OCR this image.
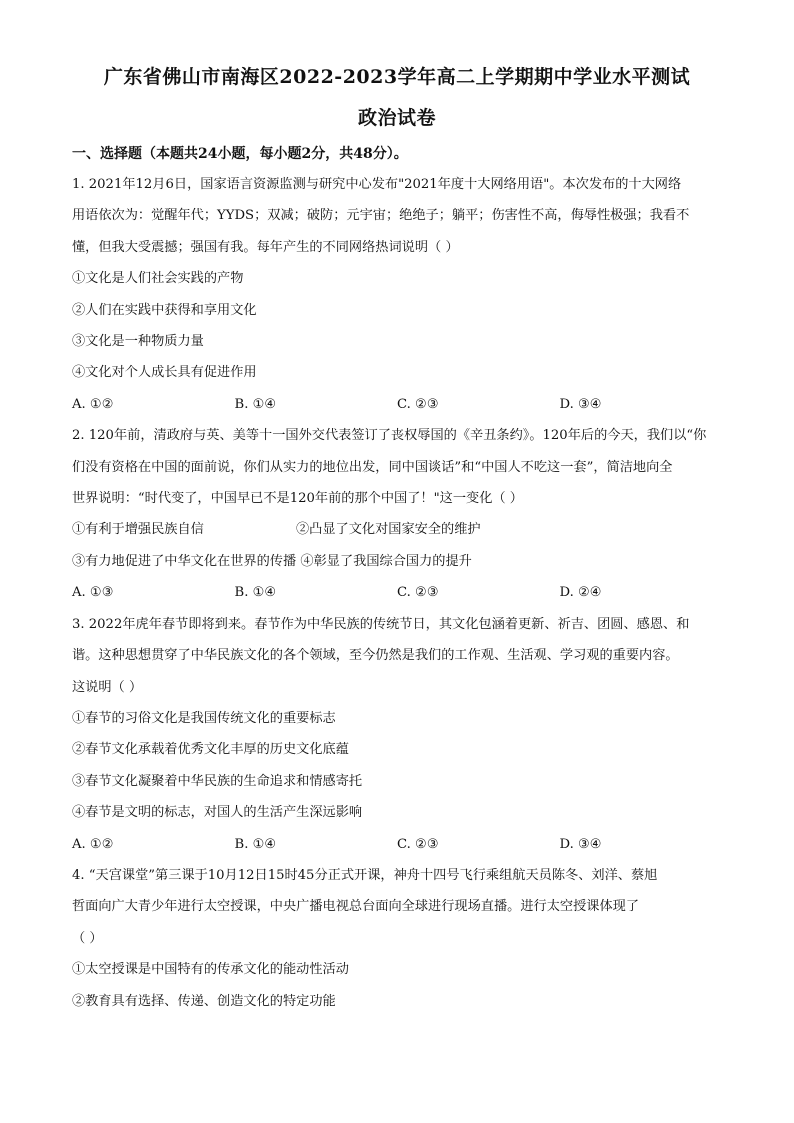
广东省佛山市南海区2022-2023学年高二上学期期中学业水平测试
政治试卷
一、选择题（本题共24小题，每小题2分，共48分）。
1. 2021年12月6日，国家语言资源监测与研究中心发布"2021年度十大网络用语"。本次发布的十大网络
用语依次为：觉醒年代；YYDS；双减；破防；元宇宙；绝绝子；躺平；伤害性不高，侮辱性极强；我看不
懂，但我大受震撼；强国有我。每年产生的不同网络热词说明（ ）
①文化是人们社会实践的产物
②人们在实践中获得和享用文化
③文化是一种物质力量
④文化对个人成长具有促进作用
A. ①②	B. ①④	C. ②③	D. ③④
2. 120年前，清政府与英、美等十一国外交代表签订了丧权辱国的《辛丑条约》。120年后的今天，我们以“你
们没有资格在中国的面前说，你们从实力的地位出发，同中国谈话”和“中国人不吃这一套”，简洁地向全
世界说明：“时代变了，中国早已不是120年前的那个中国了！"这一变化（ ）
①有利于增强民族自信	②凸显了文化对国家安全的维护
③有力地促进了中华文化在世界的传播 ④彰显了我国综合国力的提升
A. ①③	B. ①④	C. ②③	D. ②④
3. 2022年虎年春节即将到来。春节作为中华民族的传统节日，其文化包涵着更新、祈吉、团圆、感恩、和
谐。这种思想贯穿了中华民族文化的各个领域，至今仍然是我们的工作观、生活观、学习观的重要内容。
这说明（ ）
①春节的习俗文化是我国传统文化的重要标志
②春节文化承载着优秀文化丰厚的历史文化底蕴
③春节文化凝聚着中华民族的生命追求和情感寄托
④春节是文明的标志，对国人的生活产生深远影响
A. ①②	B. ①④	C. ②③	D. ③④
4. “天宫课堂”第三课于10月12日15时45分正式开课，神舟十四号飞行乘组航天员陈冬、刘洋、蔡旭
哲面向广大青少年进行太空授课，中央广播电视总台面向全球进行现场直播。进行太空授课体现了
（ ）
①太空授课是中国特有的传承文化的能动性活动
②教育具有选择、传递、创造文化的特定功能
